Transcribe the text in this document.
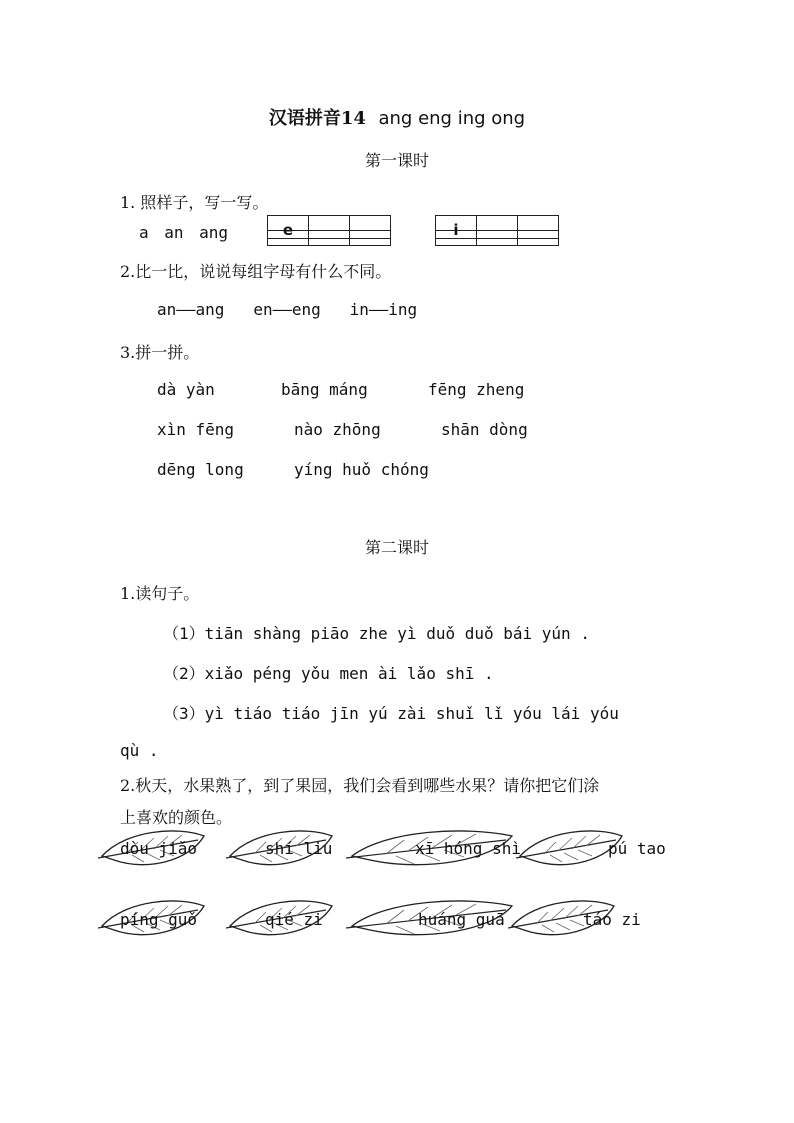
汉语拼音14 ang eng ing ong
第一课时
1. 照样子，写一写。
a an ang	e	i
2.比一比，说说每组字母有什么不同。
an——ang   en——eng   in——ing
3.拼一拼。
dà yàn	bāng máng	fēng zheng
xìn fēng	nào zhōng	shān dòng
dēng long	yíng huǒ chóng
第二课时
1.读句子。
（1）tiān shàng piāo zhe yì duǒ duǒ bái yún .
（2）xiǎo péng yǒu men ài lǎo shī .
（3）yì tiáo tiáo jīn yú zài shuǐ lǐ yóu lái yóu
qù .
2.秋天，水果熟了，到了果园，我们会看到哪些水果？请你把它们涂
上喜欢的颜色。
dòu jiǎo	shí liu	xī hóng shì	pú tao
píng guǒ	qié zi	huáng guā	táo zi
